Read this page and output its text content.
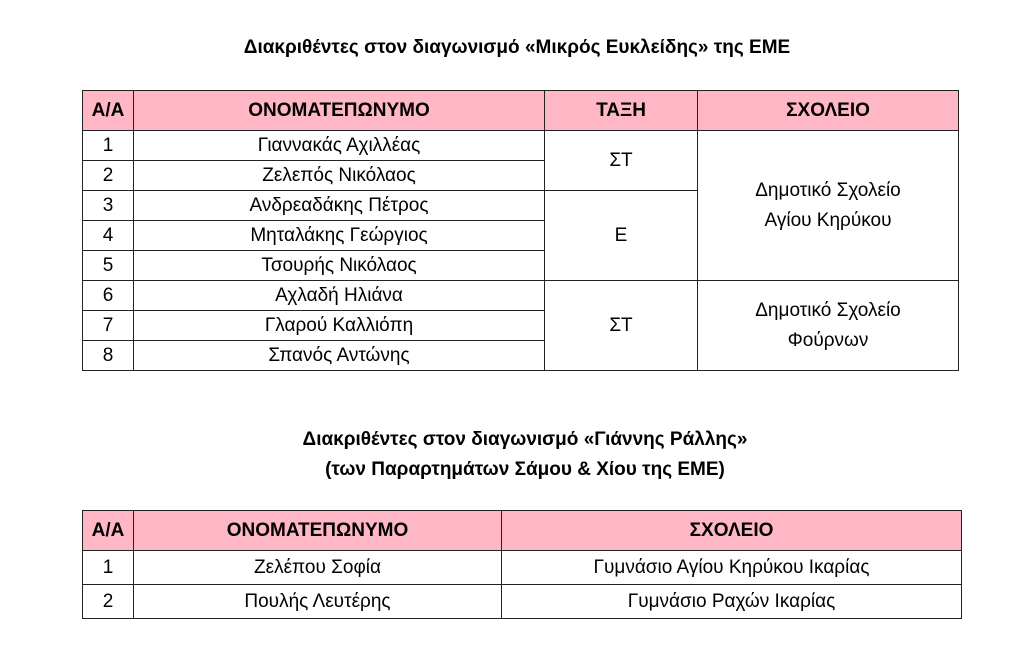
Διακριθέντες στον διαγωνισμό «Μικρός Ευκλείδης» της ΕΜΕ
Α/Α	ΟΝΟΜΑΤΕΠΩΝΥΜΟ	ΤΑΞΗ	ΣΧΟΛΕΙΟ
1	Γιαννακάς Αχιλλέας	ΣΤ	Δημοτικό Σχολείο
Αγίου Κηρύκου
2	Ζελεπός Νικόλαος		
3	Ανδρεαδάκης Πέτρος	Ε	
4	Μηταλάκης Γεώργιος		
5	Τσουρής Νικόλαος		
6	Αχλαδή Ηλιάνα	ΣΤ	Δημοτικό Σχολείο
Φούρνων
7	Γλαρού Καλλιόπη		
8	Σπανός Αντώνης		
Διακριθέντες στον διαγωνισμό «Γιάννης Ράλλης»
(των Παραρτημάτων Σάμου & Χίου της ΕΜΕ)
Α/Α	ΟΝΟΜΑΤΕΠΩΝΥΜΟ	ΣΧΟΛΕΙΟ
1	Ζελέπου Σοφία	Γυμνάσιο Αγίου Κηρύκου Ικαρίας
2	Πουλής Λευτέρης	Γυμνάσιο Ραχών Ικαρίας
